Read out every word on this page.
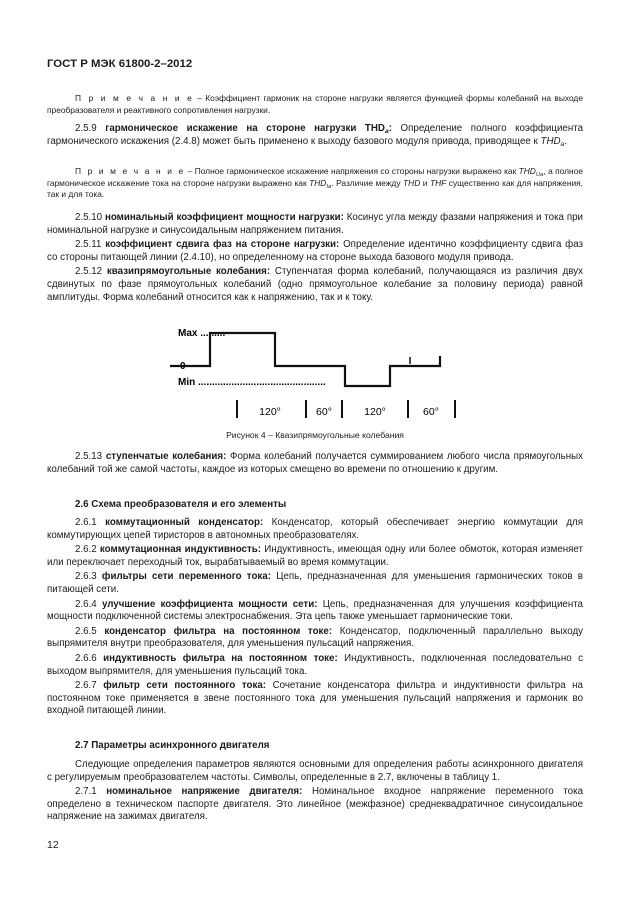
ГОСТ Р МЭК 61800-2–2012

П р и м е ч а н и е – Коэффициент гармоник на стороне нагрузки является функцией формы колебаний на выходе преобразователя и реактивного сопротивления нагрузки.

2.5.9 гармоническое искажение на стороне нагрузки $THD_a$: Определение полного коэффициента гармонического искажения (2.4.8) может быть применено к выходу базового модуля привода, приводящее к $THD_a$.

П р и м е ч а н и е – Полное гармоническое искажение напряжения со стороны нагрузки выражено как $THD_{Ua}$, а полное гармоническое искажение тока на стороне нагрузки выражено как $THD_{Ia}$. Различие между THD и THF существенно как для напряжения, так и для тока.

2.5.10 номинальный коэффициент мощности нагрузки: Косинус угла между фазами напряжения и тока при номинальной нагрузке и синусоидальным напряжением питания.

2.5.11 коэффициент сдвига фаз на стороне нагрузки: Определение идентично коэффициенту сдвига фаз со стороны питающей линии (2.4.10), но определенному на стороне выхода базового модуля привода.

2.5.12 квазипрямоугольные колебания: Ступенчатая форма колебаний, получающаяся из различия двух сдвинутых по фазе прямоугольных колебаний (одно прямоугольное колебание за половину периода) равной амплитуды. Форма колебаний относится как к напряжению, так и к току.

Max .........
0
Min ..............................................
120°	60°	120°	60°
Рисунок 4 – Квазипрямоугольные колебания

2.5.13 ступенчатые колебания: Форма колебаний получается суммированием любого числа прямоугольных колебаний той же самой частоты, каждое из которых смещено во времени по отношению к другим.

2.6 Схема преобразователя и его элементы

2.6.1 коммутационный конденсатор: Конденсатор, который обеспечивает энергию коммутации для коммутирующих цепей тиристоров в автономных преобразователях.

2.6.2 коммутационная индуктивность: Индуктивность, имеющая одну или более обмоток, которая изменяет или переключает переходный ток, вырабатываемый во время коммутации.

2.6.3 фильтры сети переменного тока: Цепь, предназначенная для уменьшения гармонических токов в питающей сети.

2.6.4 улучшение коэффициента мощности сети: Цепь, предназначенная для улучшения коэффициента мощности подключенной системы электроснабжения. Эта цепь также уменьшает гармонические токи.

2.6.5 конденсатор фильтра на постоянном токе: Конденсатор, подключенный параллельно выходу выпрямителя внутри преобразователя, для уменьшения пульсаций напряжения.

2.6.6 индуктивность фильтра на постоянном токе: Индуктивность, подключенная последовательно с выходом выпрямителя, для уменьшения пульсаций тока.

2.6.7 фильтр сети постоянного тока: Сочетание конденсатора фильтра и индуктивности фильтра на постоянном токе применяется в звене постоянного тока для уменьшения пульсаций напряжения и гармоник во входной питающей линии.

2.7 Параметры асинхронного двигателя

Следующие определения параметров являются основными для определения работы асинхронного двигателя с регулируемым преобразователем частоты. Символы, определенные в 2.7, включены в таблицу 1.

2.7.1 номинальное напряжение двигателя: Номинальное входное напряжение переменного тока определено в техническом паспорте двигателя. Это линейное (межфазное) среднеквадратичное синусоидальное напряжение на зажимах двигателя.

12
